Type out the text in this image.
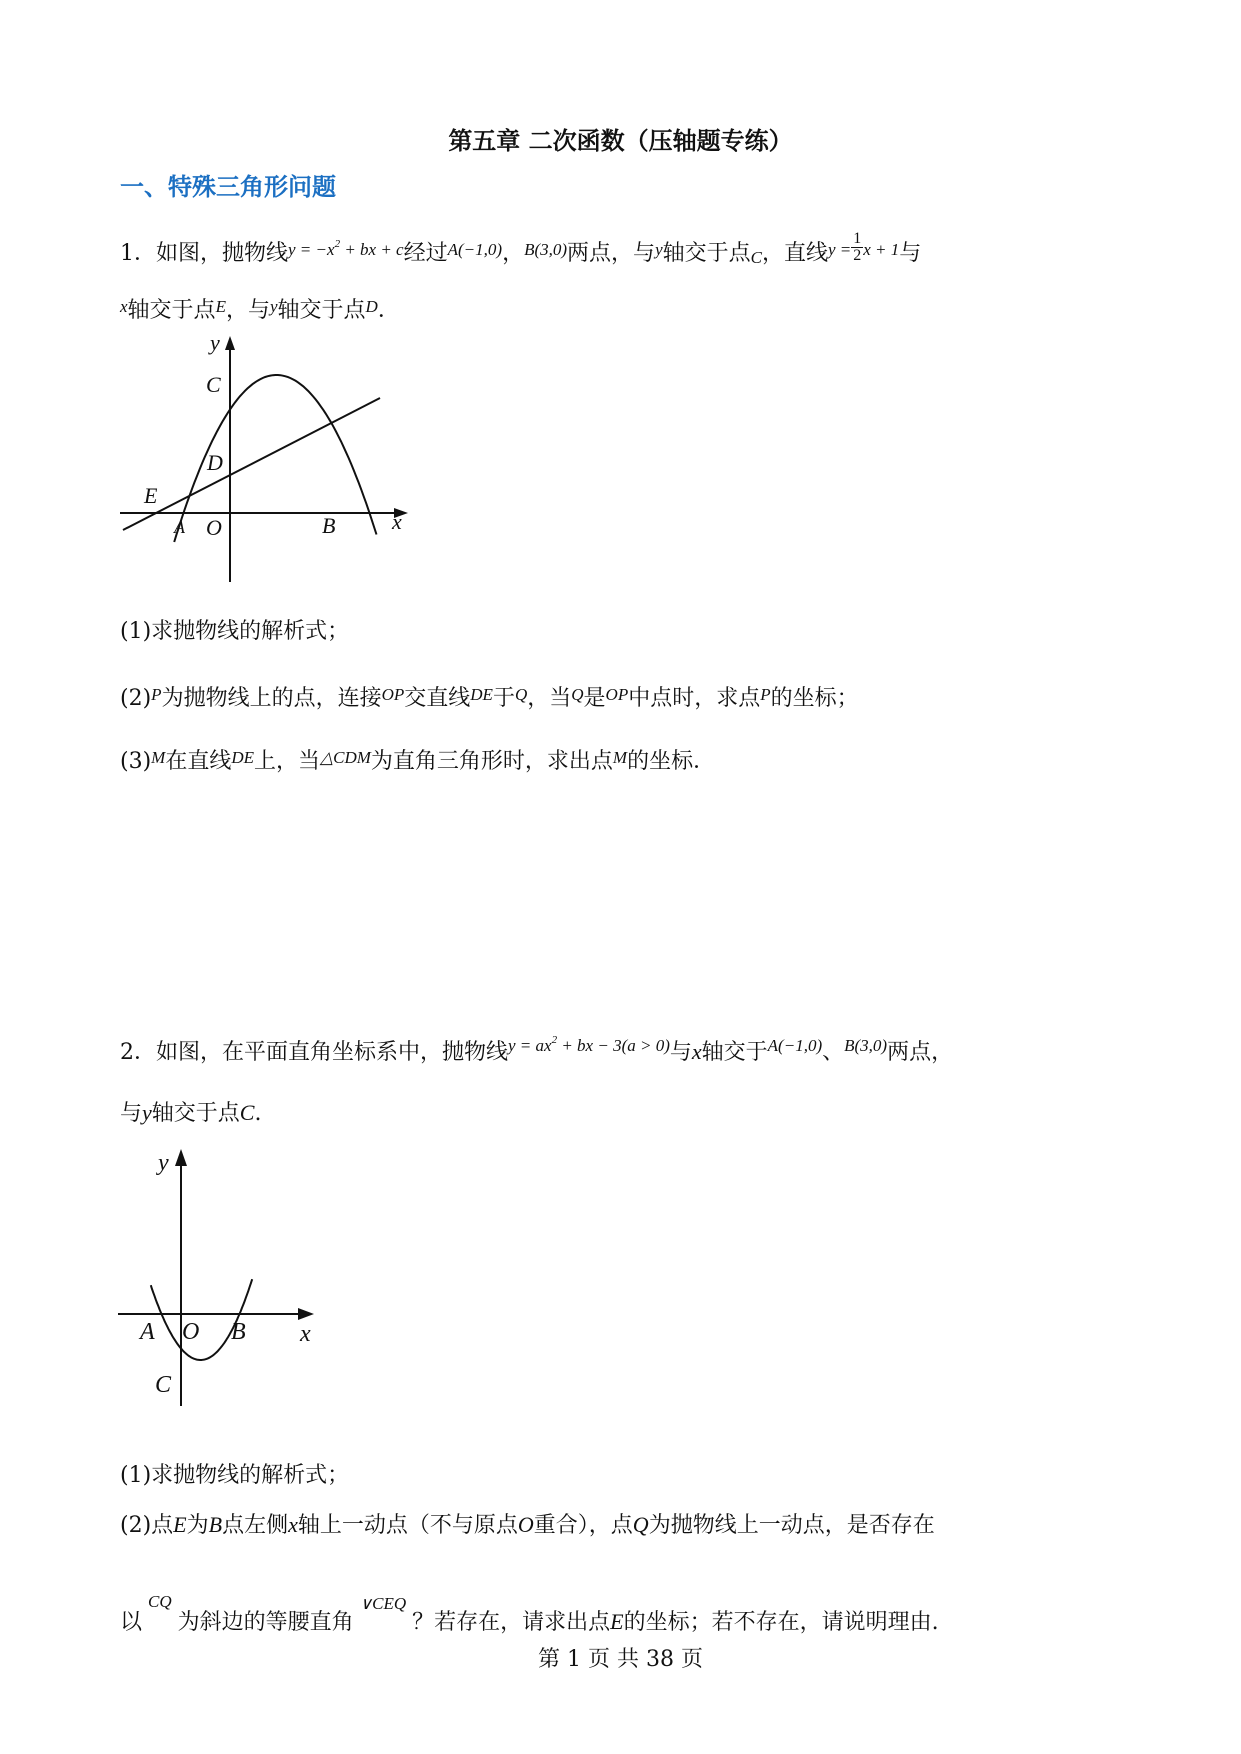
第五章 二次函数（压轴题专练）
一、特殊三角形问题
1．如图，抛物线$^{y = -x^2 + bx + c}$经过$^{A(-1,0)}$，$^{B(3,0)}$两点，与$^y$轴交于点C，直线$^{y =} \frac{1}{2} ^{x + 1}$与
$^x$轴交于点$^E$，与$^y$轴交于点$^D$．
y
x
C
D
E
A O	B
(1)求抛物线的解析式；
$(2)^P$为抛物线上的点，连接$^{OP}$交直线$^{DE}$于$^Q$，当$^Q$是$^{OP}$中点时，求点$^P$的坐标；
$(3)^M$在直线$^{DE}$上，当$^{\triangle CDM}$为直角三角形时，求出点$^M$的坐标．
2．如图，在平面直角坐标系中，抛物线$^{y = ax^2 + bx - 3(a > 0)}$与x轴交于$^{A(-1,0)}$、$^{B(3,0)}$两点，
与y轴交于点C.
y
x
A O B
C
(1)求抛物线的解析式；
(2)点E为B点左侧x轴上一动点（不与原点O重合），点Q为抛物线上一动点，是否存在
以$^{CQ}$为斜边的等腰直角$^{\vee CEQ}$？若存在，请求出点E的坐标；若不存在，请说明理由.
第 1 页 共 38 页
